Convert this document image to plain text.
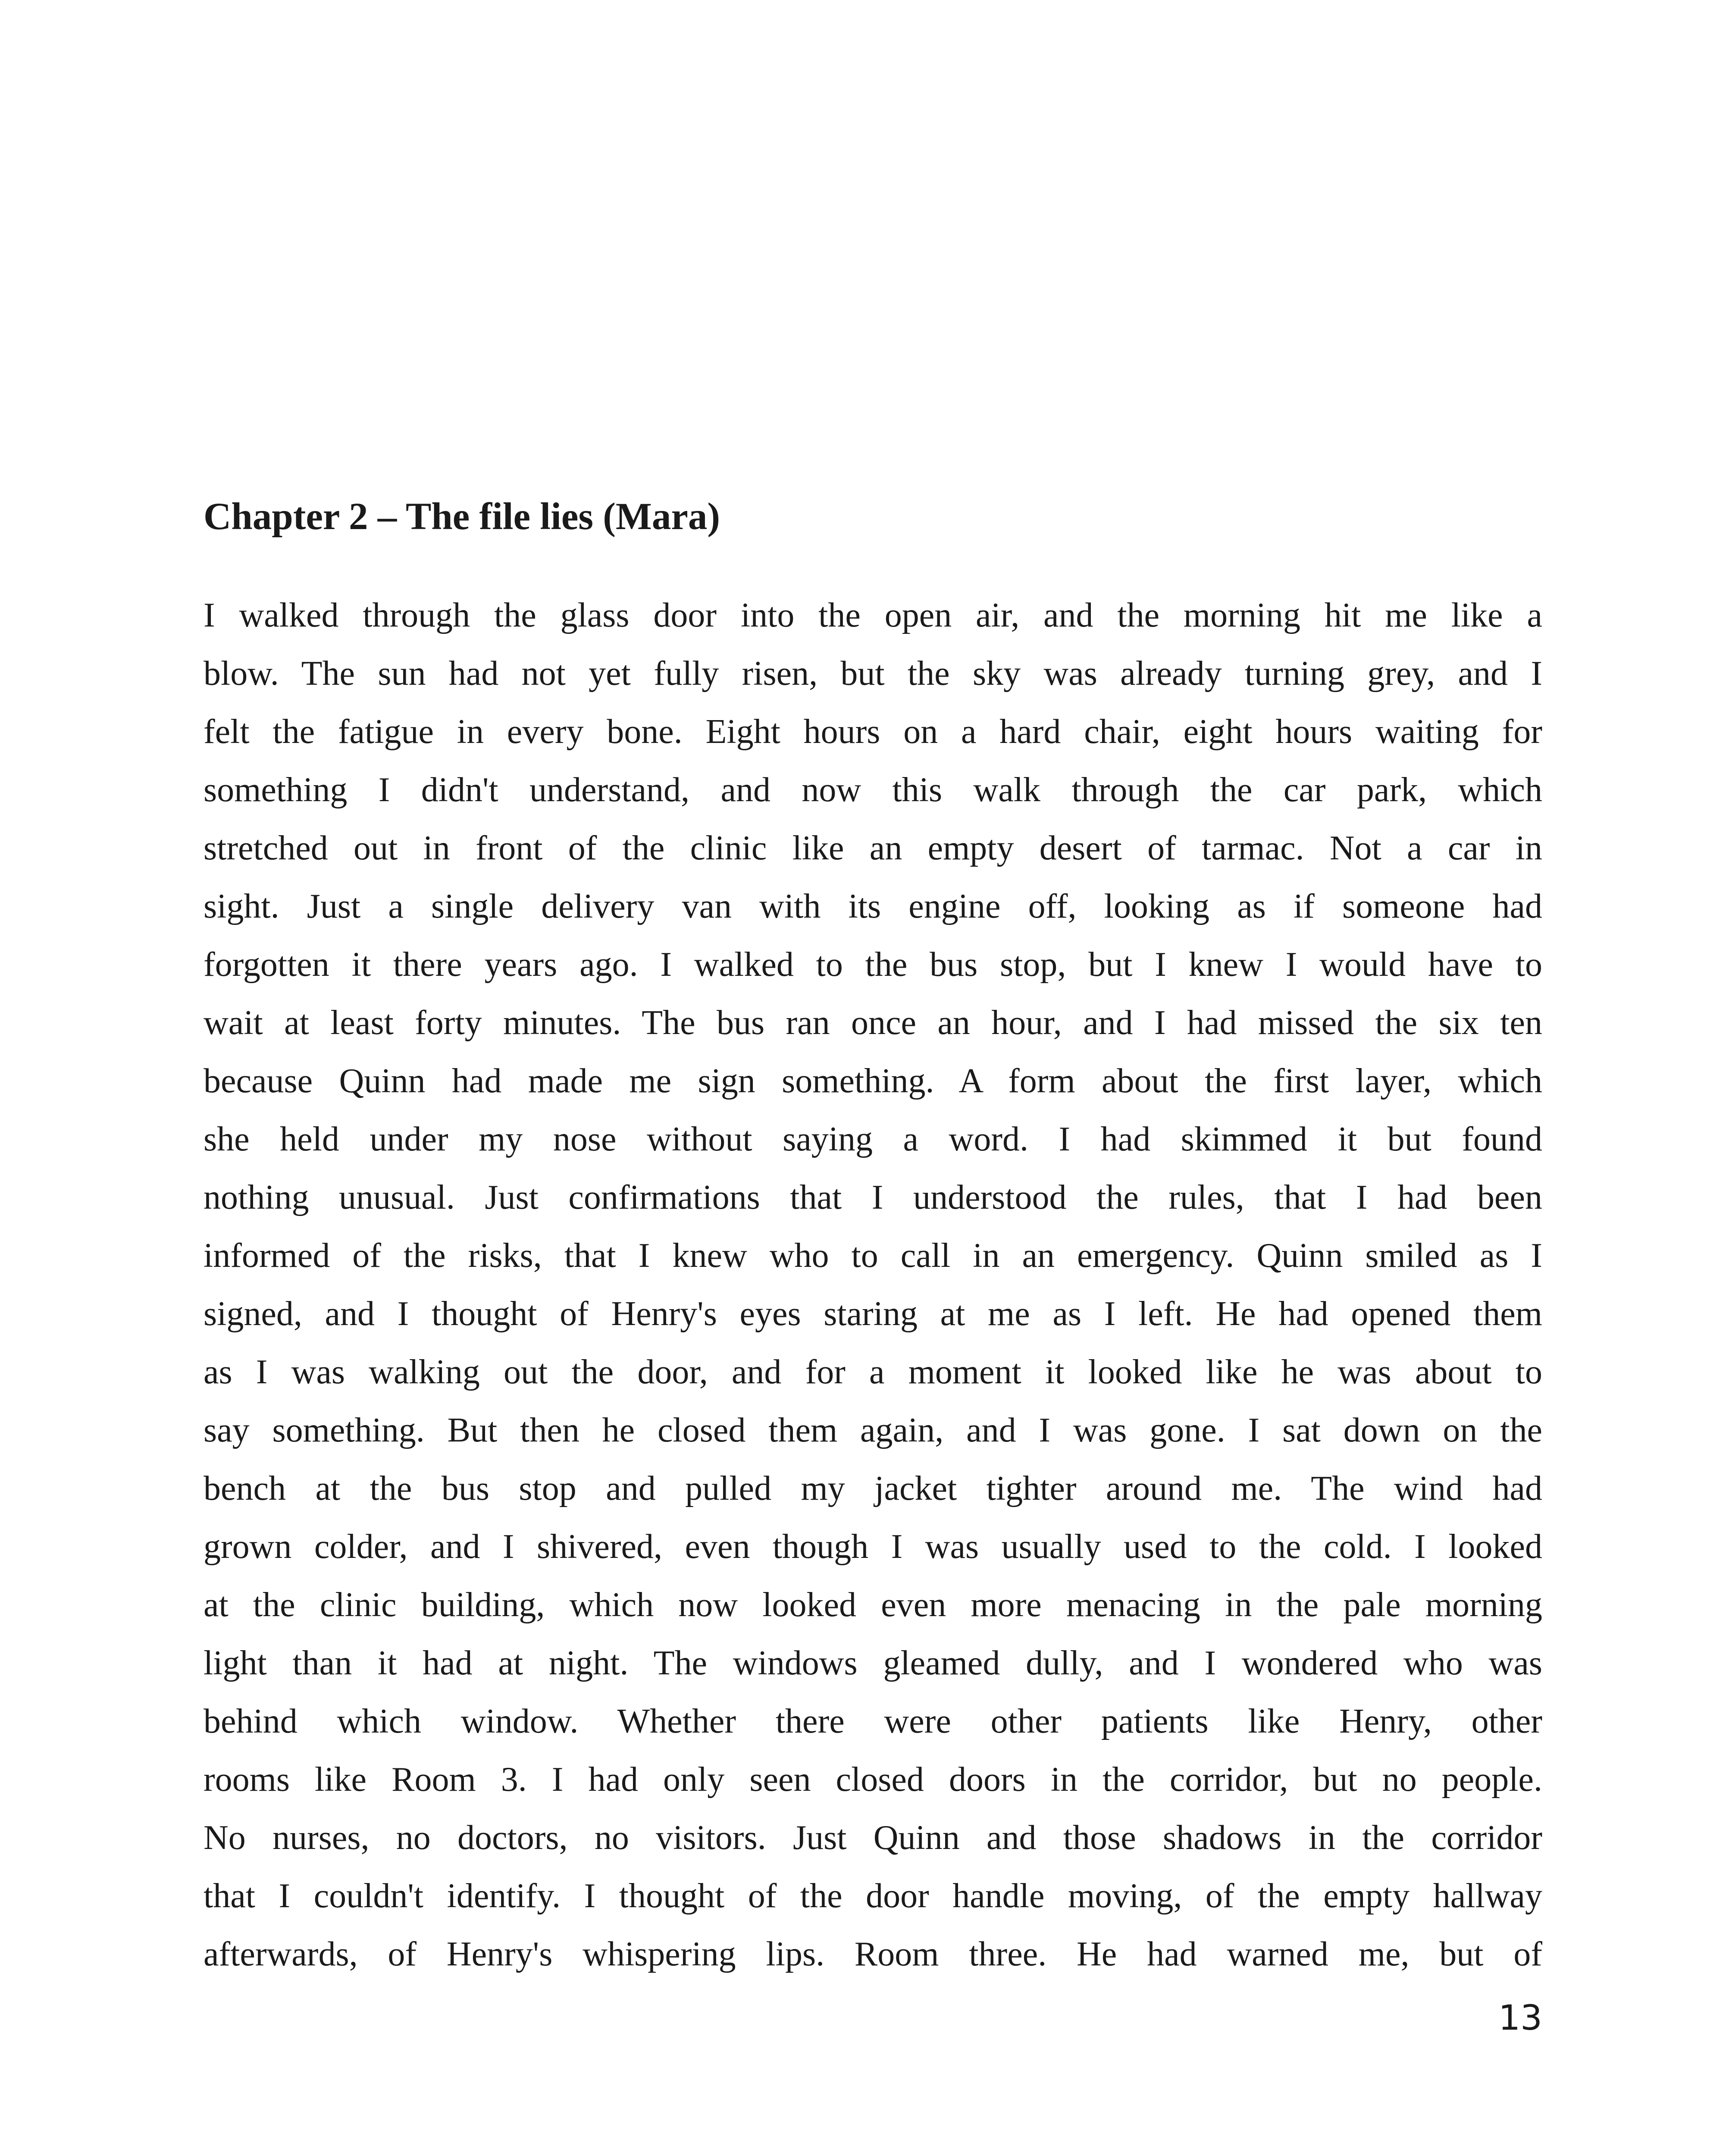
Chapter 2 – The file lies (Mara)
I walked through the glass door into the open air, and the morning hit me like a
blow. The sun had not yet fully risen, but the sky was already turning grey, and I
felt the fatigue in every bone. Eight hours on a hard chair, eight hours waiting for
something I didn't understand, and now this walk through the car park, which
stretched out in front of the clinic like an empty desert of tarmac. Not a car in
sight. Just a single delivery van with its engine off, looking as if someone had
forgotten it there years ago. I walked to the bus stop, but I knew I would have to
wait at least forty minutes. The bus ran once an hour, and I had missed the six ten
because Quinn had made me sign something. A form about the first layer, which
she held under my nose without saying a word. I had skimmed it but found
nothing unusual. Just confirmations that I understood the rules, that I had been
informed of the risks, that I knew who to call in an emergency. Quinn smiled as I
signed, and I thought of Henry's eyes staring at me as I left. He had opened them
as I was walking out the door, and for a moment it looked like he was about to
say something. But then he closed them again, and I was gone. I sat down on the
bench at the bus stop and pulled my jacket tighter around me. The wind had
grown colder, and I shivered, even though I was usually used to the cold. I looked
at the clinic building, which now looked even more menacing in the pale morning
light than it had at night. The windows gleamed dully, and I wondered who was
behind which window. Whether there were other patients like Henry, other
rooms like Room 3. I had only seen closed doors in the corridor, but no people.
No nurses, no doctors, no visitors. Just Quinn and those shadows in the corridor
that I couldn't identify. I thought of the door handle moving, of the empty hallway
afterwards, of Henry's whispering lips. Room three. He had warned me, but of
13
